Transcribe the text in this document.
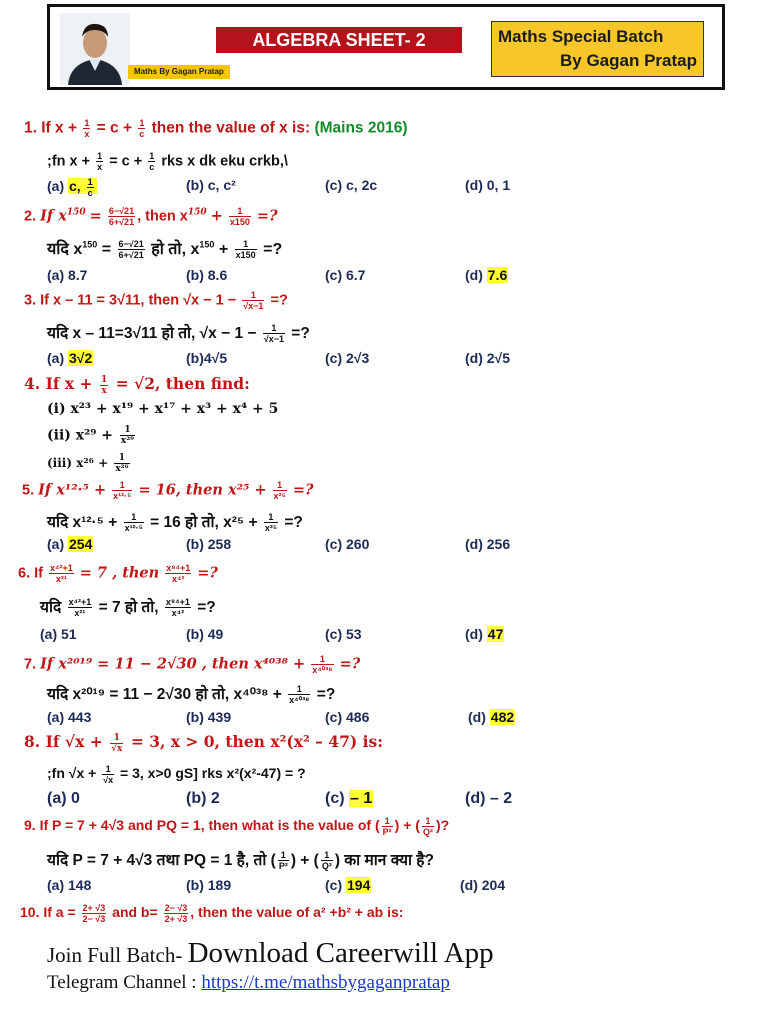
Maths By Gagan Pratap
ALGEBRA SHEET- 2	Maths Special Batch
By Gagan Pratap
1. If $x + \frac{1}{x} = c + \frac{1}{c}$ then the value of x is: (Mains 2016)
;fn $x + \frac{1}{x} = c + \frac{1}{c}$ rks x dk eku crkb,\
(a) c, $\frac{1}{c}$	(b) c, c²	(c) c, 2c	(d) 0, 1
2. If $x^{150} = \frac{6-√21}{6+√21}$ , then $x^{150} + \frac{1}{x150}$ =?
यदि $x^{150} = \frac{6-√21}{6+√21}$ हो तो, $x^{150} + \frac{1}{x150}$ =?
(a) 8.7	(b) 8.6	(c) 6.7	(d) 7.6
3. If x – 11 = 3√11, then $√x - 1 - \frac{1}{√x-1}$ =?
यदि x – 11=3√11 हो तो, $√x - 1 - \frac{1}{√x-1}$ =?
(a) 3√2	(b)4√5	(c) 2√3	(d) 2√5
4. If $x + \frac{1}{x} = √2$, then find:
(i) x²³ + x¹⁹ + x¹⁷ + x³ + x⁴ + 5
(ii) $x^{29} + \frac{1}{\text{x²⁹}}$
(iii) $x^{26} + \frac{1}{\text{x²⁶}}$
5. If $x^{12}\cdot^5 + \frac{1}{\text{x¹²·⁵}} = 16$, then $x^{25} + \frac{1}{\text{x²⁵}}$ =?
यदि $x^{12}\cdot^5 + \frac{1}{\text{x¹²·⁵}} = 16$ हो तो, $x^{25} + \frac{1}{\text{x²⁵}}$ =?
(a) 254	(b) 258	(c) 260	(d) 256
6. If $\frac{\text{x⁴²+1}}{\text{x²¹}} = 7$ , then $\frac{\text{x⁸⁴+1}}{\text{x⁴²}}$ =?
यदि $\frac{\text{x⁴²+1}}{\text{x²¹}} = 7$ हो तो, $\frac{\text{x⁸⁴+1}}{\text{x⁴²}}$ =?
(a) 51	(b) 49	(c) 53	(d) 47
7. If x²⁰¹⁹ = 11 − 2√30 , then $x^{4038} + \frac{1}{\text{x⁴⁰³⁸}}$ =?
यदि x²⁰¹⁹ = 11 − 2√30 हो तो, $x^{4038} + \frac{1}{\text{x⁴⁰³⁸}}$ =?
(a) 443	(b) 439	(c) 486	(d) 482
8. If $√x + \frac{1}{√x} = 3$, x > 0, then x²(x² – 47) is:
;fn $√x + \frac{1}{√x} = 3$, x>0 gS] rks x²(x²-47) = ?
(a) 0	(b) 2	(c) – 1	(d) – 2
9. If P = 7 + 4√3 and PQ = 1, then what is the value of ( $\frac{1}{\text{P²}}$ ) + ( $\frac{1}{\text{Q²}}$ )?
यदि P = 7 + 4√3 तथा PQ = 1 है, तो ( $\frac{1}{\text{P²}}$ ) + ( $\frac{1}{\text{Q²}}$ ) का मान क्या है?
(a) 148	(b) 189	(c) 194	(d) 204
10. If $a = \frac{2+ √3}{2- √3}$ and $b= \frac{2- √3}{2+ √3}$ , then the value of a² +b² + ab is:
Join Full Batch- Download Careerwill App
Telegram Channel : https://t.me/mathsbygaganpratap
